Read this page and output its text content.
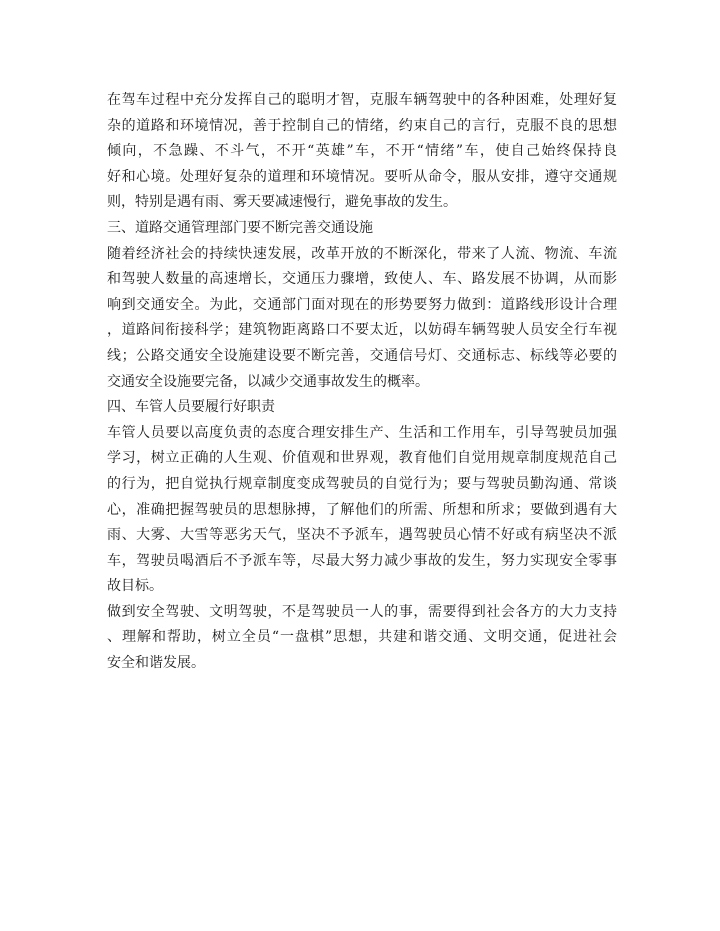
在驾车过程中充分发挥自己的聪明才智，克服车辆驾驶中的各种困难，处理好复
杂的道路和环境情况，善于控制自己的情绪，约束自己的言行，克服不良的思想
倾向，不急躁、不斗气，不开“英雄”车，不开“情绪”车，使自己始终保持良
好和心境。处理好复杂的道理和环境情况。要听从命令，服从安排，遵守交通规
则，特别是遇有雨、雾天要减速慢行，避免事故的发生。
三、道路交通管理部门要不断完善交通设施
随着经济社会的持续快速发展，改革开放的不断深化，带来了人流、物流、车流
和驾驶人数量的高速增长，交通压力骤增，致使人、车、路发展不协调，从而影
响到交通安全。为此，交通部门面对现在的形势要努力做到：道路线形设计合理
，道路间衔接科学；建筑物距离路口不要太近，以妨碍车辆驾驶人员安全行车视
线；公路交通安全设施建设要不断完善，交通信号灯、交通标志、标线等必要的
交通安全设施要完备，以减少交通事故发生的概率。
四、车管人员要履行好职责
车管人员要以高度负责的态度合理安排生产、生活和工作用车，引导驾驶员加强
学习，树立正确的人生观、价值观和世界观，教育他们自觉用规章制度规范自己
的行为，把自觉执行规章制度变成驾驶员的自觉行为；要与驾驶员勤沟通、常谈
心，准确把握驾驶员的思想脉搏，了解他们的所需、所想和所求；要做到遇有大
雨、大雾、大雪等恶劣天气，坚决不予派车，遇驾驶员心情不好或有病坚决不派
车，驾驶员喝酒后不予派车等，尽最大努力减少事故的发生，努力实现安全零事
故目标。
做到安全驾驶、文明驾驶，不是驾驶员一人的事，需要得到社会各方的大力支持
、理解和帮助，树立全员“一盘棋”思想，共建和谐交通、文明交通，促进社会
安全和谐发展。
